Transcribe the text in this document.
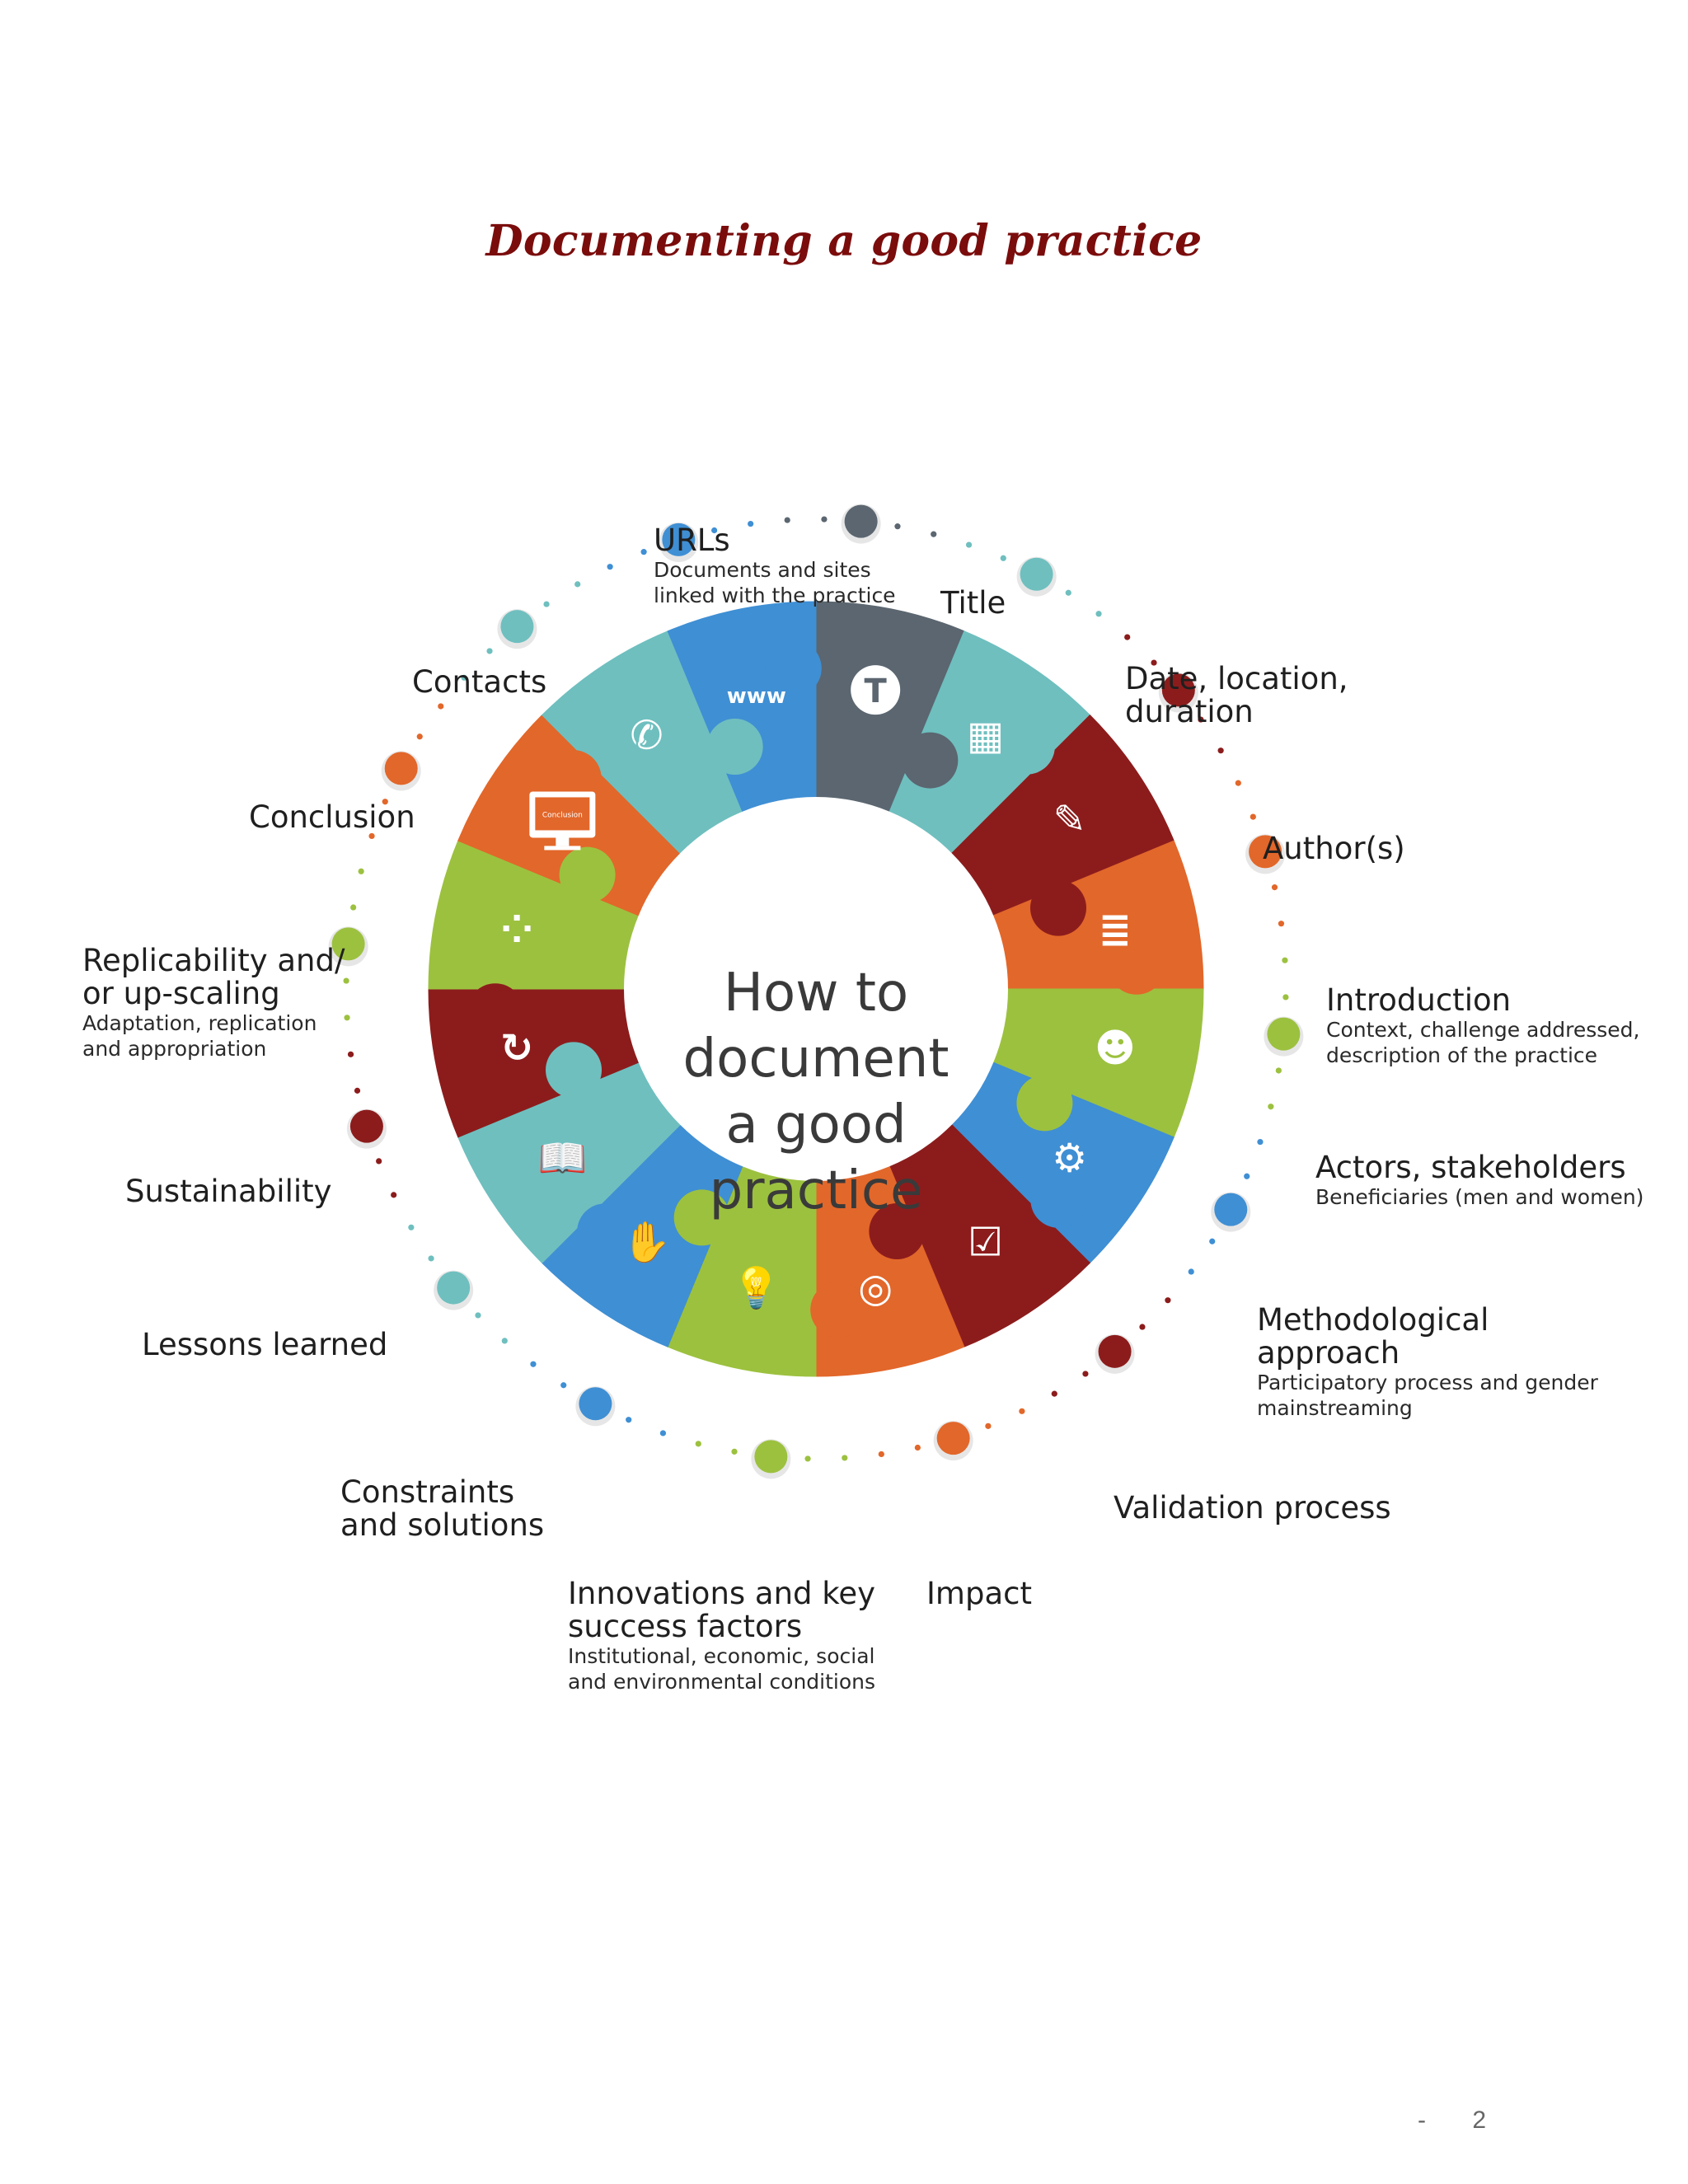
Documenting a good practice
T
▦
✎
≣
☻
⚙
☑
◎
💡
✋
📖
↻
⁘
Conclusion
✆
www
How to
document
a good
practice
URLs
Documents and sites
linked with the practice Title
Date, location,
duration
Author(s)
Introduction
Context, challenge addressed,
description of the practice
Actors, stakeholders
Beneficiaries (men and women)
Methodological
approach
Participatory process and gender
mainstreaming
Validation process
Impact
Innovations and key
success factors
Institutional, economic, social
and environmental conditions
Constraints
and solutions
Lessons learned
Sustainability
Replicability and/
or up-scaling
Adaptation, replication
and appropriation
Conclusion
Contacts
- 2
